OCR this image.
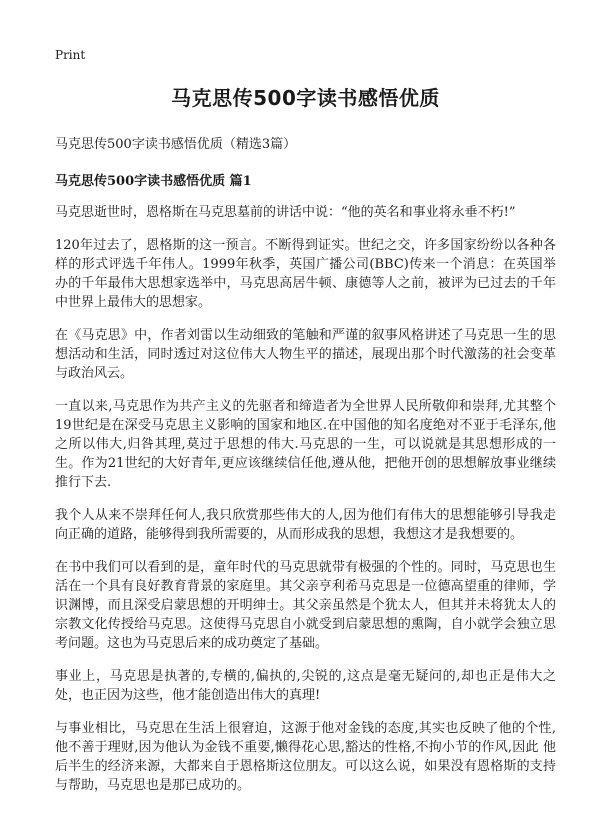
Print
马克思传500字读书感悟优质
马克思传500字读书感悟优质（精选3篇）
马克思传500字读书感悟优质 篇1

马克思逝世时，恩格斯在马克思墓前的讲话中说：“他的英名和事业将永垂不朽!”

120年过去了，恩格斯的这一预言。不断得到证实。世纪之交，许多国家纷纷以各种各样的形式评选千年伟人。1999年秋季，英国广播公司(BBC)传来一个消息：在英国举办的千年最伟大思想家选举中，马克思高居牛顿、康德等人之前，被评为已过去的千年中世界上最伟大的思想家。

在《马克思》中，作者刘雷以生动细致的笔触和严谨的叙事风格讲述了马克思一生的思想活动和生活，同时透过对这位伟大人物生平的描述，展现出那个时代激荡的社会变革与政治风云。

一直以来,马克思作为共产主义的先驱者和缔造者为全世界人民所敬仰和崇拜,尤其整个19世纪是在深受马克思主义影响的国家和地区.在中国他的知名度绝对不亚于毛泽东,他之所以伟大,归咎其理,莫过于思想的伟大.马克思的一生，可以说就是其思想形成的一生。作为21世纪的大好青年,更应该继续信任他,遵从他，把他开创的思想解放事业继续推行下去.

我个人从来不崇拜任何人,我只欣赏那些伟大的人,因为他们有伟大的思想能够引导我走向正确的道路，能够得到我所需要的，从而形成我的思想，我想这才是我想要的。

在书中我们可以看到的是，童年时代的马克思就带有极强的个性的。同时，马克思也生活在一个具有良好教育背景的家庭里。其父亲亨利希马克思是一位德高望重的律师，学识渊博，而且深受启蒙思想的开明绅士。其父亲虽然是个犹太人，但其并未将犹太人的宗教文化传授给马克思。这使得马克思自小就受到启蒙思想的熏陶，自小就学会独立思考问题。这也为马克思后来的成功奠定了基础。

事业上，马克思是执著的,专横的,偏执的,尖锐的,这点是毫无疑问的,却也正是伟大之处，也正因为这些，他才能创造出伟大的真理!

与事业相比，马克思在生活上很窘迫，这源于他对金钱的态度,其实也反映了他的个性,他不善于理财,因为他认为金钱不重要,懒得花心思,豁达的性格,不拘小节的作风,因此 他后半生的经济来源，大都来自于恩格斯这位朋友。可以这么说，如果没有恩格斯的支持与帮助，马克思也是那已成功的。
